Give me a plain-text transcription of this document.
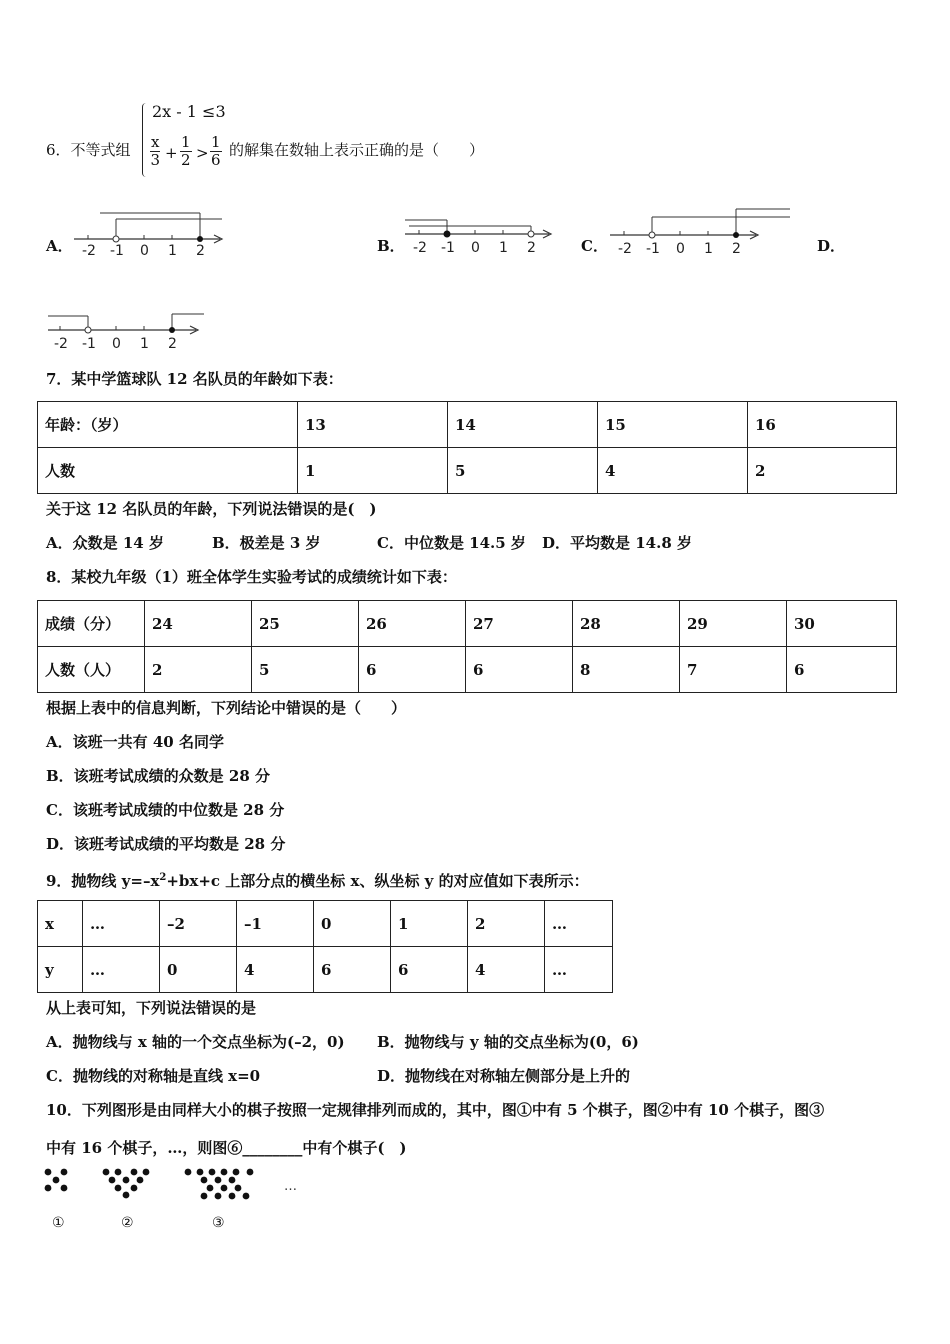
6．不等式组
2x - 1 ≤3
$\frac{x}{3} + \frac{1}{2} > \frac{1}{6}$ 的解集在数轴上表示正确的是（　　）
A． -2 -1 0 1 2	B． -2 -1 0 1 2	C． -2 -1 0 1 2	D．
-2 -1 0 1 2
7．某中学篮球队 12 名队员的年龄如下表：
年龄：（岁）	13	14	15	16
人数	1	5	4	2
关于这 12 名队员的年龄，下列说法错误的是(　)
A．众数是 14 岁	B．极差是 3 岁	C．中位数是 14.5 岁 D．平均数是 14.8 岁
8．某校九年级（1）班全体学生实验考试的成绩统计如下表：
成绩（分）	24	25	26	27	28	29	30
人数（人）	2	5	6	6	8	7	6
根据上表中的信息判断，下列结论中错误的是（　　）
A．该班一共有 40 名同学
B．该班考试成绩的众数是 28 分
C．该班考试成绩的中位数是 28 分
D．该班考试成绩的平均数是 28 分
9．抛物线 $y=-x^2+bx+c$ 上部分点的横坐标 x、纵坐标 y 的对应值如下表所示：
x	…	–2	–1	0	1	2	…
y	…	0	4	6	6	4	…
从上表可知，下列说法错误的是
A．抛物线与 x 轴的一个交点坐标为(–2，0) B．抛物线与 y 轴的交点坐标为(0，6)
C．抛物线的对称轴是直线 x=0	D．抛物线在对称轴左侧部分是上升的
10．下列图形是由同样大小的棋子按照一定规律排列而成的，其中，图①中有 5 个棋子，图②中有 10 个棋子，图③
中有 16 个棋子，…，则图⑥________中有个棋子(　)
…
①	②	③
